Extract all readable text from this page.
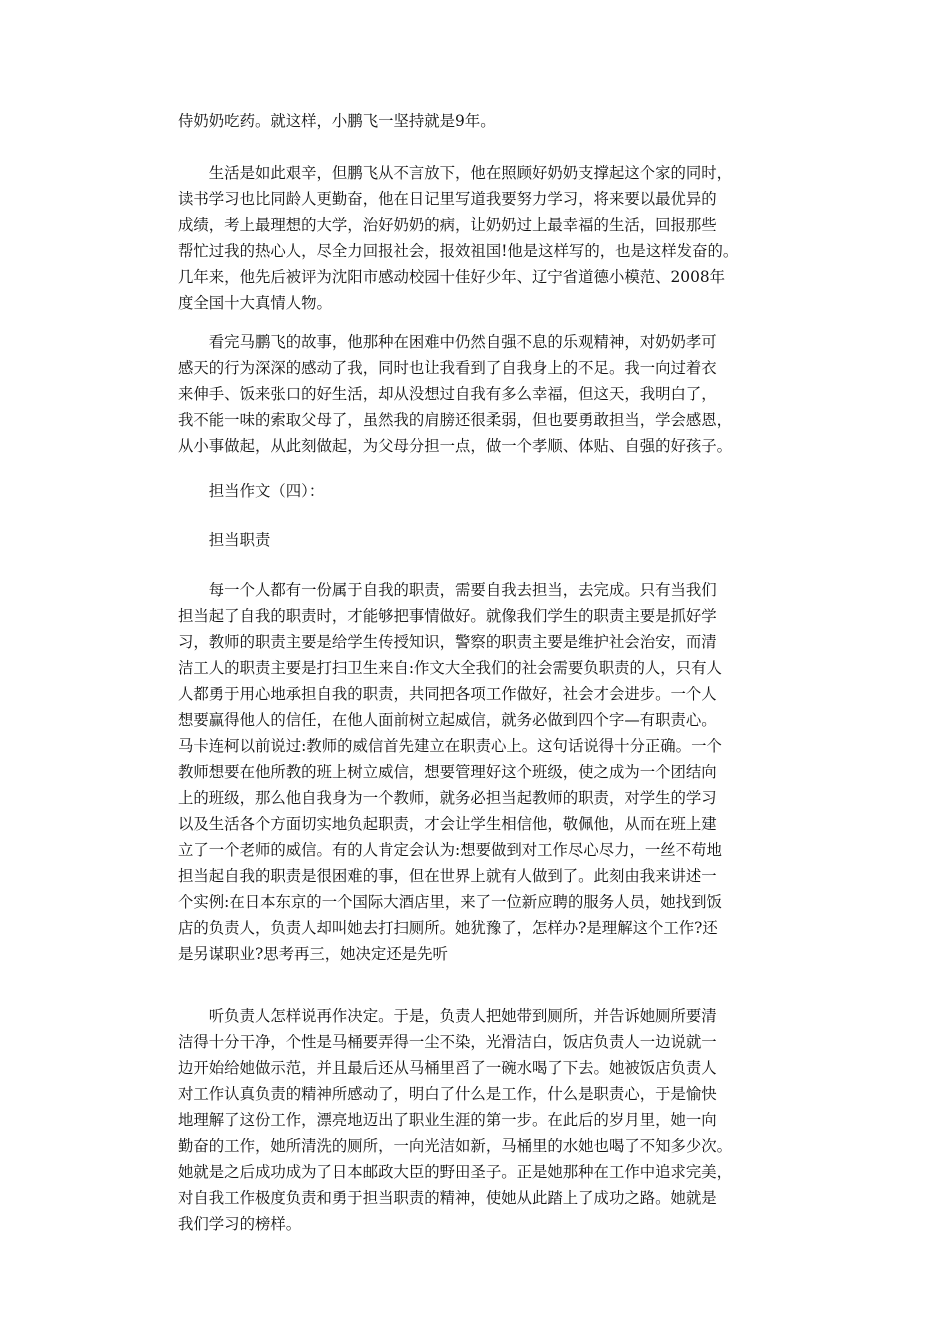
侍奶奶吃药。就这样，小鹏飞一坚持就是9年。
　　生活是如此艰辛，但鹏飞从不言放下，他在照顾好奶奶支撑起这个家的同时，
读书学习也比同龄人更勤奋，他在日记里写道我要努力学习，将来要以最优异的
成绩，考上最理想的大学，治好奶奶的病，让奶奶过上最幸福的生活，回报那些
帮忙过我的热心人，尽全力回报社会，报效祖国!他是这样写的，也是这样发奋的。
几年来，他先后被评为沈阳市感动校园十佳好少年、辽宁省道德小模范、2008年
度全国十大真情人物。
　　看完马鹏飞的故事，他那种在困难中仍然自强不息的乐观精神，对奶奶孝可
感天的行为深深的感动了我，同时也让我看到了自我身上的不足。我一向过着衣
来伸手、饭来张口的好生活，却从没想过自我有多么幸福，但这天，我明白了，
我不能一味的索取父母了，虽然我的肩膀还很柔弱，但也要勇敢担当，学会感恩，
从小事做起，从此刻做起，为父母分担一点，做一个孝顺、体贴、自强的好孩子。
　　担当作文（四）：
　　担当职责
　　每一个人都有一份属于自我的职责，需要自我去担当，去完成。只有当我们
担当起了自我的职责时，才能够把事情做好。就像我们学生的职责主要是抓好学
习，教师的职责主要是给学生传授知识，警察的职责主要是维护社会治安，而清
洁工人的职责主要是打扫卫生来自:作文大全我们的社会需要负职责的人，只有人
人都勇于用心地承担自我的职责，共同把各项工作做好，社会才会进步。一个人
想要赢得他人的信任，在他人面前树立起威信，就务必做到四个字—有职责心。
马卡连柯以前说过:教师的威信首先建立在职责心上。这句话说得十分正确。一个
教师想要在他所教的班上树立威信，想要管理好这个班级，使之成为一个团结向
上的班级，那么他自我身为一个教师，就务必担当起教师的职责，对学生的学习
以及生活各个方面切实地负起职责，才会让学生相信他，敬佩他，从而在班上建
立了一个老师的威信。有的人肯定会认为:想要做到对工作尽心尽力，一丝不苟地
担当起自我的职责是很困难的事，但在世界上就有人做到了。此刻由我来讲述一
个实例:在日本东京的一个国际大酒店里，来了一位新应聘的服务人员，她找到饭
店的负责人，负责人却叫她去打扫厕所。她犹豫了，怎样办?是理解这个工作?还
是另谋职业?思考再三，她决定还是先听
　　听负责人怎样说再作决定。于是，负责人把她带到厕所，并告诉她厕所要清
洁得十分干净，个性是马桶要弄得一尘不染，光滑洁白，饭店负责人一边说就一
边开始给她做示范，并且最后还从马桶里舀了一碗水喝了下去。她被饭店负责人
对工作认真负责的精神所感动了，明白了什么是工作，什么是职责心，于是愉快
地理解了这份工作，漂亮地迈出了职业生涯的第一步。在此后的岁月里，她一向
勤奋的工作，她所清洗的厕所，一向光洁如新，马桶里的水她也喝了不知多少次。
她就是之后成功成为了日本邮政大臣的野田圣子。正是她那种在工作中追求完美，
对自我工作极度负责和勇于担当职责的精神，使她从此踏上了成功之路。她就是
我们学习的榜样。
